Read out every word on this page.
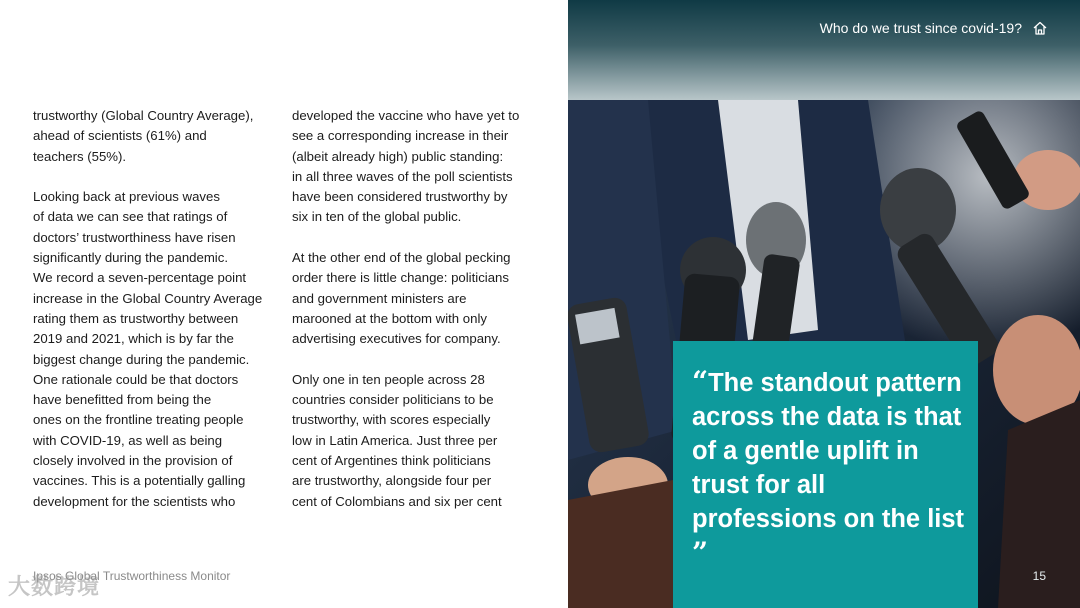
trustworthy (Global Country Average),
ahead of scientists (61%) and
teachers (55%).

Looking back at previous waves
of data we can see that ratings of
doctors’ trustworthiness have risen
significantly during the pandemic.
We record a seven-percentage point
increase in the Global Country Average
rating them as trustworthy between
2019 and 2021, which is by far the
biggest change during the pandemic.
One rationale could be that doctors
have benefitted from being the
ones on the frontline treating people
with COVID-19, as well as being
closely involved in the provision of
vaccines. This is a potentially galling
development for the scientists who

developed the vaccine who have yet to
see a corresponding increase in their
(albeit already high) public standing:
in all three waves of the poll scientists
have been considered trustworthy by
six in ten of the global public.

At the other end of the global pecking
order there is little change: politicians
and government ministers are
marooned at the bottom with only
advertising executives for company.

Only one in ten people across 28
countries consider politicians to be
trustworthy, with scores especially
low in Latin America. Just three per
cent of Argentines think politicians
are trustworthy, alongside four per
cent of Colombians and six per cent

Ipsos Global Trustworthiness Monitor
大数跨境
Who do we trust since covid-19?
“The standout pattern across the data is that of a gentle uplift in trust for all professions on the list ”
15
